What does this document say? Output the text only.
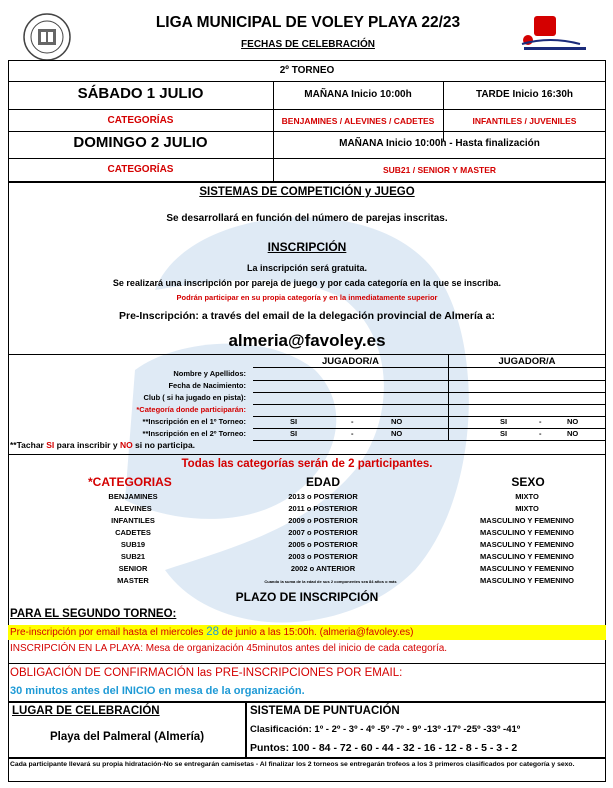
LIGA MUNICIPAL DE VOLEY PLAYA 22/23
FECHAS DE CELEBRACIÓN
2º TORNEO
SÁBADO 1 JULIO	MAÑANA Inicio 10:00h	TARDE Inicio 16:30h
CATEGORÍAS	BENJAMINES / ALEVINES / CADETES	INFANTILES / JUVENILES
DOMINGO 2 JULIO	MAÑANA Inicio 10:00h - Hasta finalización
CATEGORÍAS	SUB21 / SENIOR Y MASTER
SISTEMAS DE COMPETICIÓN y JUEGO
Se desarrollará en función del número de parejas inscritas.
INSCRIPCIÓN
La inscripción será gratuita.
Se realizará una inscripción por pareja de juego y por cada categoría en la que se inscriba.
Podrán participar en su propia categoría y en la inmediatamente superior
Pre-Inscripción: a través del email de la delegación provincial de Almería a:
almeria@favoley.es
JUGADOR/A	JUGADOR/A
Nombre y Apellidos:
Fecha de Nacimiento:
Club ( si ha jugado en pista):
*Categoría donde participarán:
**Inscripción en el 1º Torneo:	SI	-	NO	SI	-	NO
**Inscripción en el 2º Torneo:	SI	-	NO	SI	-	NO
**Tachar SI para inscribir y NO si no participa.
Todas las categorías serán de 2 participantes.
*CATEGORIAS	EDAD	SEXO
BENJAMINES	2013 o POSTERIOR	MIXTO
ALEVINES	2011 o POSTERIOR	MIXTO
INFANTILES	2009 o POSTERIOR	MASCULINO Y FEMENINO
CADETES	2007 o POSTERIOR	MASCULINO Y FEMENINO
SUB19	2005 o POSTERIOR	MASCULINO Y FEMENINO
SUB21	2003 o POSTERIOR	MASCULINO Y FEMENINO
SENIOR	2002 o ANTERIOR	MASCULINO Y FEMENINO
MASTER	Cuando la suma de la edad de sus 2 componentes sea 84 años o más	MASCULINO Y FEMENINO
PLAZO DE INSCRIPCIÓN
PARA EL SEGUNDO TORNEO:
Pre-inscripción por email hasta el miercoles 28 de junio a las 15:00h. (almeria@favoley.es)
INSCRIPCIÓN EN LA PLAYA: Mesa de organización 45minutos antes del inicio de cada categoría.
OBLIGACIÓN DE CONFIRMACIÓN las PRE-INSCRIPCIONES POR EMAIL:
30 minutos antes del INICIO en mesa de la organización.
LUGAR DE CELEBRACIÓN
Playa del Palmeral (Almería)
SISTEMA DE PUNTUACIÓN
Clasificación: 1º - 2º - 3º - 4º -5º -7º - 9º -13º -17º -25º -33º -41º
Puntos: 100 - 84 - 72 - 60 - 44 - 32 - 16 - 12 - 8 - 5 - 3 - 2
Cada participante llevará su propia hidratación-No se entregarán camisetas - Al finalizar los 2 torneos se entregarán trofeos a los 3 primeros clasificados por categoría y sexo.
